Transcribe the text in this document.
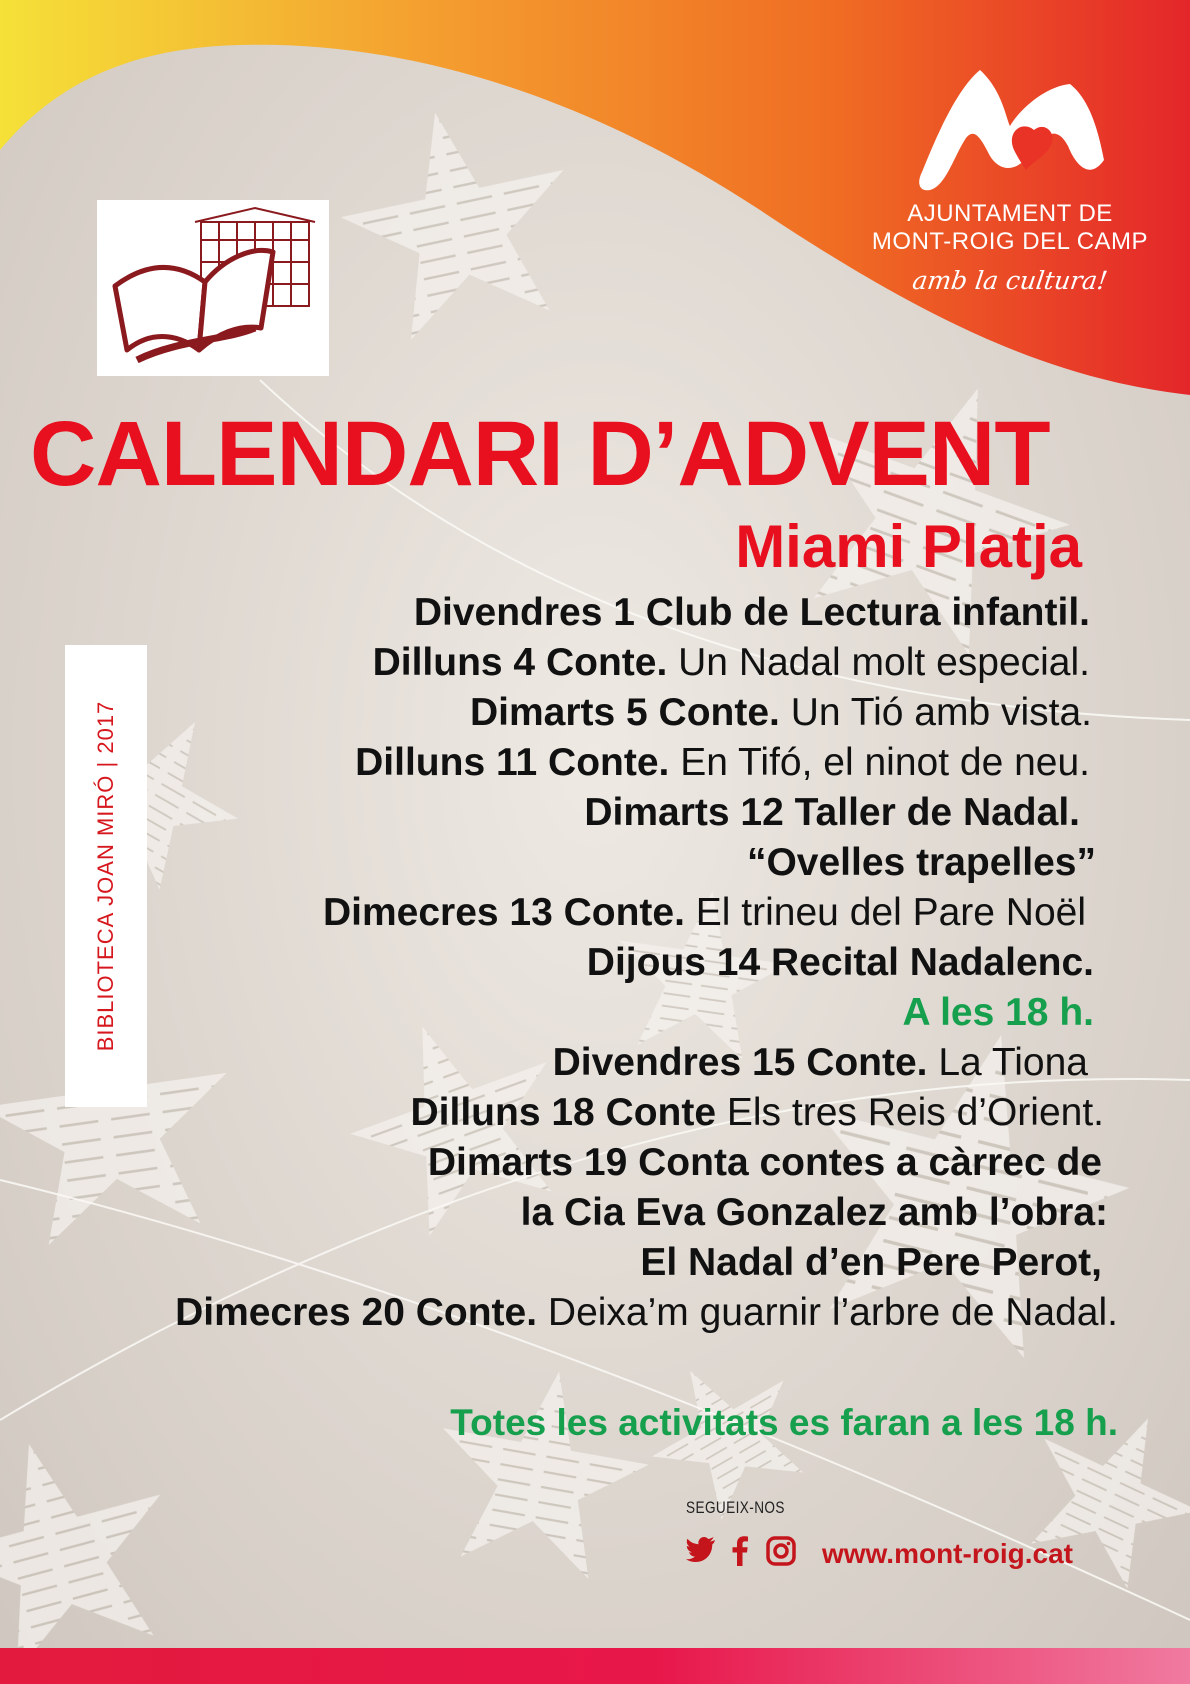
AJUNTAMENT DE
MONT-ROIG DEL CAMP
amb la cultura!
CALENDARI D’ADVENT
Miami Platja
BIBLIOTECA JOAN MIRÓ | 2017
Divendres 1 Club de Lectura infantil.
Dilluns 4 Conte. Un Nadal molt especial.
Dimarts 5 Conte. Un Tió amb vista.
Dilluns 11 Conte. En Tifó, el ninot de neu.
Dimarts 12 Taller de Nadal.
“Ovelles trapelles”
Dimecres 13 Conte. El trineu del Pare Noël
Dijous 14 Recital Nadalenc.
A les 18 h.
Divendres 15 Conte. La Tiona
Dilluns 18 Conte Els tres Reis d’Orient.
Dimarts 19 Conta contes a càrrec de
la Cia Eva Gonzalez amb l’obra:
El Nadal d’en Pere Perot,
Dimecres 20 Conte. Deixa’m guarnir l’arbre de Nadal.

Totes les activitats es faran a les 18 h.

SEGUEIX-NOS
www.mont-roig.cat
